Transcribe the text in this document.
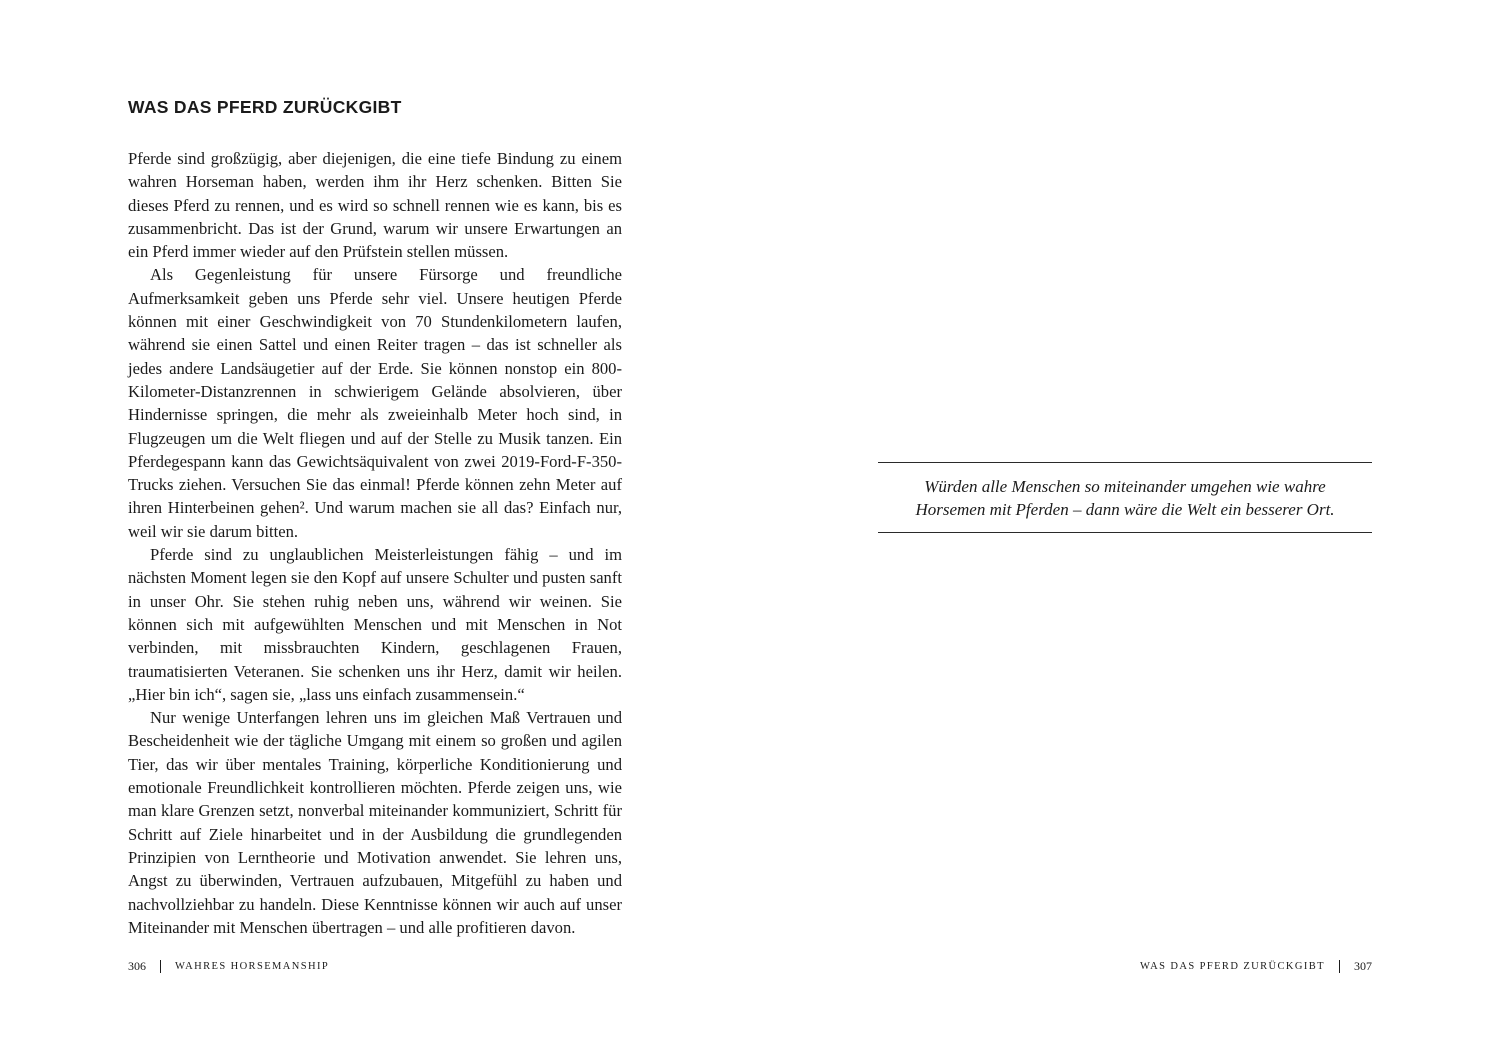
WAS DAS PFERD ZURÜCKGIBT

Pferde sind großzügig, aber diejenigen, die eine tiefe Bindung zu einem wahren Horseman haben, werden ihm ihr Herz schenken. Bitten Sie dieses Pferd zu rennen, und es wird so schnell rennen wie es kann, bis es zusammenbricht. Das ist der Grund, warum wir unsere Erwartungen an ein Pferd immer wieder auf den Prüfstein stellen müssen.

Als Gegenleistung für unsere Fürsorge und freundliche Aufmerksamkeit geben uns Pferde sehr viel. Unsere heutigen Pferde können mit einer Geschwindigkeit von 70 Stundenkilometern laufen, während sie einen Sattel und einen Reiter tragen – das ist schneller als jedes andere Landsäugetier auf der Erde. Sie können nonstop ein 800-Kilometer-Distanzrennen in schwierigem Gelände absolvieren, über Hindernisse springen, die mehr als zweieinhalb Meter hoch sind, in Flugzeugen um die Welt fliegen und auf der Stelle zu Musik tanzen. Ein Pferdegespann kann das Gewichtsäquivalent von zwei 2019-Ford-F-350-Trucks ziehen. Versuchen Sie das einmal! Pferde können zehn Meter auf ihren Hinterbeinen gehen². Und warum machen sie all das? Einfach nur, weil wir sie darum bitten.

Pferde sind zu unglaublichen Meisterleistungen fähig – und im nächsten Moment legen sie den Kopf auf unsere Schulter und pusten sanft in unser Ohr. Sie stehen ruhig neben uns, während wir weinen. Sie können sich mit aufgewühlten Menschen und mit Menschen in Not verbinden, mit missbrauchten Kindern, geschlagenen Frauen, traumatisierten Veteranen. Sie schenken uns ihr Herz, damit wir heilen. „Hier bin ich“, sagen sie, „lass uns einfach zusammensein.“

Nur wenige Unterfangen lehren uns im gleichen Maß Vertrauen und Bescheidenheit wie der tägliche Umgang mit einem so großen und agilen Tier, das wir über mentales Training, körperliche Konditionierung und emotionale Freundlichkeit kontrollieren möchten. Pferde zeigen uns, wie man klare Grenzen setzt, nonverbal miteinander kommuniziert, Schritt für Schritt auf Ziele hinarbeitet und in der Ausbildung die grundlegenden Prinzipien von Lerntheorie und Motivation anwendet. Sie lehren uns, Angst zu überwinden, Vertrauen aufzubauen, Mitgefühl zu haben und nachvollziehbar zu handeln. Diese Kenntnisse können wir auch auf unser Miteinander mit Menschen übertragen – und alle profitieren davon.

Würden alle Menschen so miteinander umgehen wie wahre
Horsemen mit Pferden – dann wäre die Welt ein besserer Ort.
306	WAHRES HORSEMANSHIP	WAS DAS PFERD ZURÜCKGIBT 307
